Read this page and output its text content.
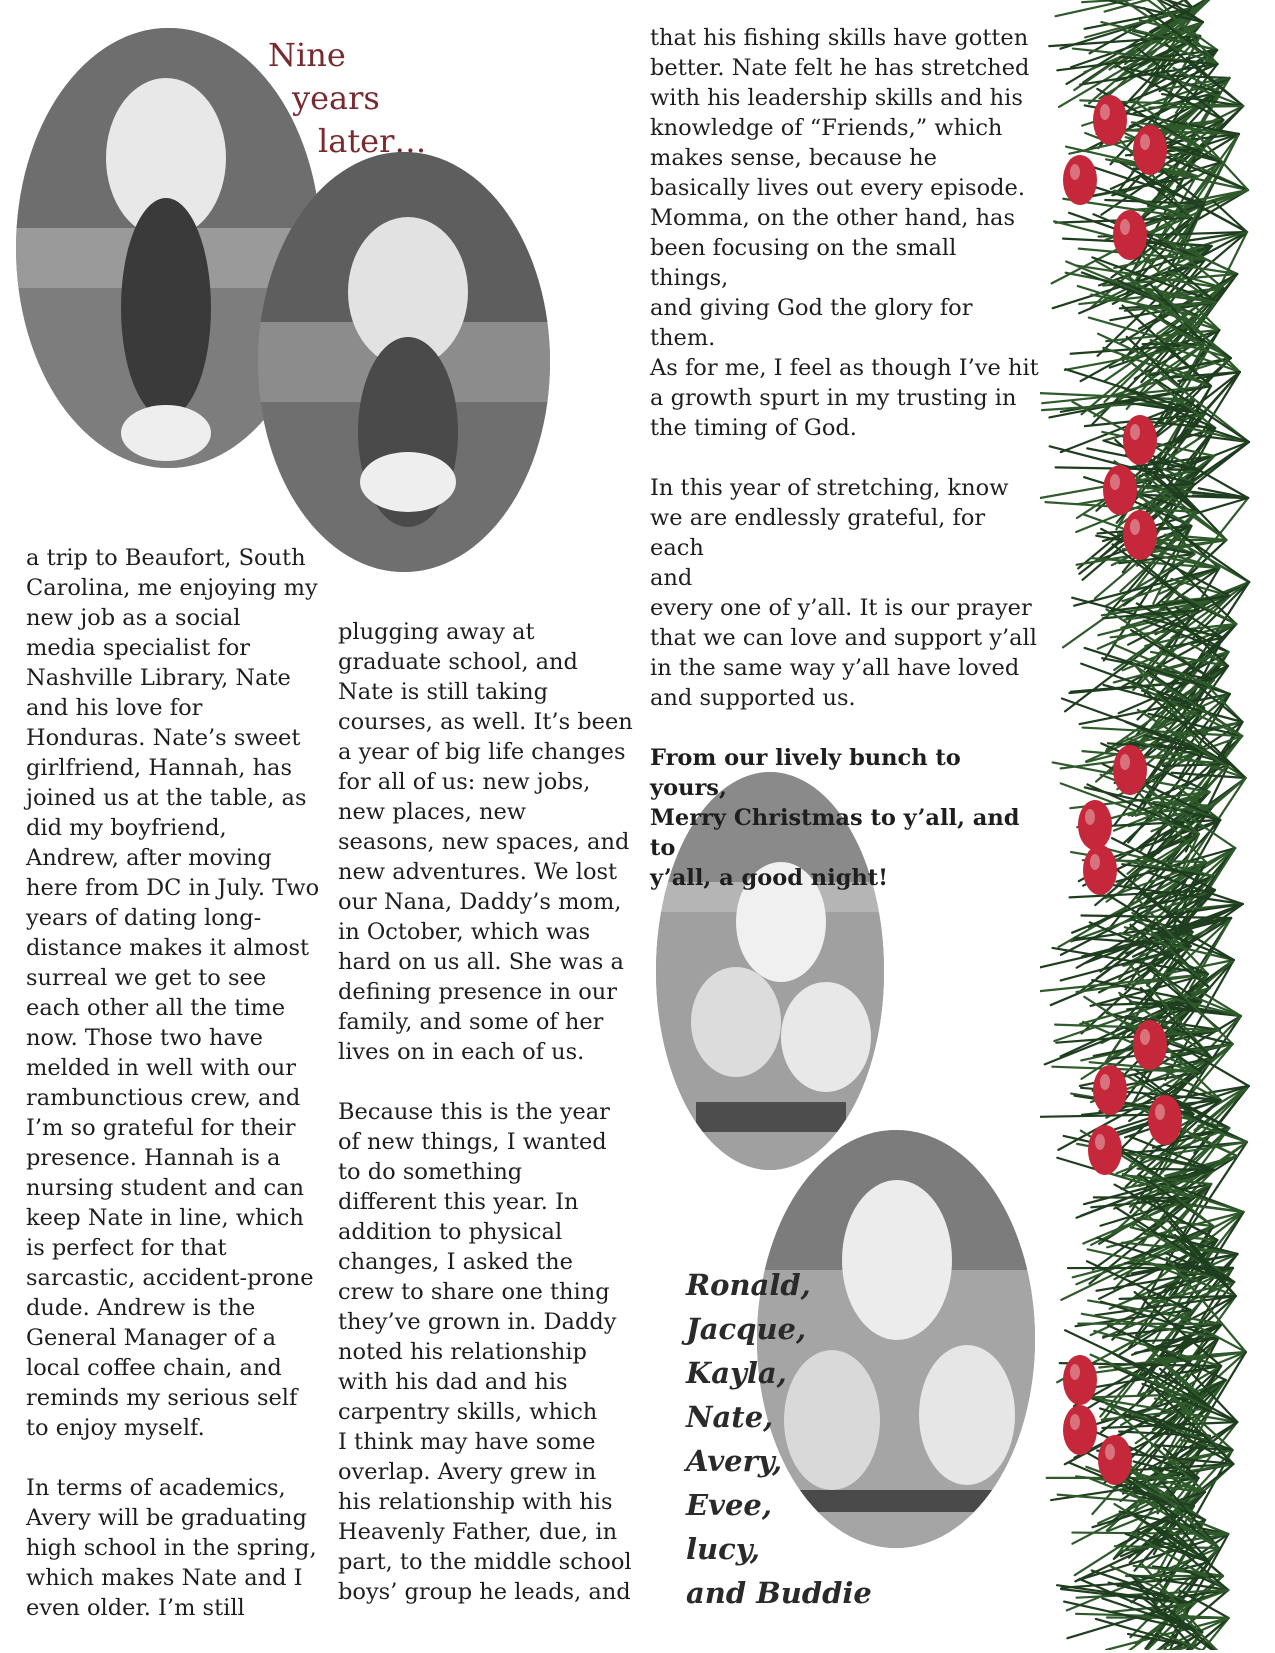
Nine
years
later…

a trip to Beaufort, South
Carolina, me enjoying my
new job as a social
media specialist for
Nashville Library, Nate
and his love for
Honduras. Nate’s sweet
girlfriend, Hannah, has
joined us at the table, as
did my boyfriend,
Andrew, after moving
here from DC in July. Two
years of dating long-
distance makes it almost
surreal we get to see
each other all the time
now. Those two have
melded in well with our
rambunctious crew, and
I’m so grateful for their
presence. Hannah is a
nursing student and can
keep Nate in line, which
is perfect for that
sarcastic, accident-prone
dude. Andrew is the
General Manager of a
local coffee chain, and
reminds my serious self
to enjoy myself.

In terms of academics,
Avery will be graduating
high school in the spring,
which makes Nate and I
even older. I’m still

plugging away at
graduate school, and
Nate is still taking
courses, as well. It’s been
a year of big life changes
for all of us: new jobs,
new places, new
seasons, new spaces, and
new adventures. We lost
our Nana, Daddy’s mom,
in October, which was
hard on us all. She was a
defining presence in our
family, and some of her
lives on in each of us.

Because this is the year
of new things, I wanted
to do something
different this year. In
addition to physical
changes, I asked the
crew to share one thing
they’ve grown in. Daddy
noted his relationship
with his dad and his
carpentry skills, which
I think may have some
overlap. Avery grew in
his relationship with his
Heavenly Father, due, in
part, to the middle school
boys’ group he leads, and

that his fishing skills have gotten
better. Nate felt he has stretched
with his leadership skills and his
knowledge of “Friends,” which
makes sense, because he
basically lives out every episode.
Momma, on the other hand, has
been focusing on the small things,
and giving God the glory for them.
As for me, I feel as though I’ve hit
a growth spurt in my trusting in
the timing of God.

In this year of stretching, know
we are endlessly grateful, for each
and
every one of y’all. It is our prayer
that we can love and support y’all
in the same way y’all have loved
and supported us.

From our lively bunch to yours,
Merry Christmas to y’all, and to
y’all, a good night!

Ronald,
Jacque,
Kayla,
Nate,
Avery,
Evee,
lucy,
and Buddie
